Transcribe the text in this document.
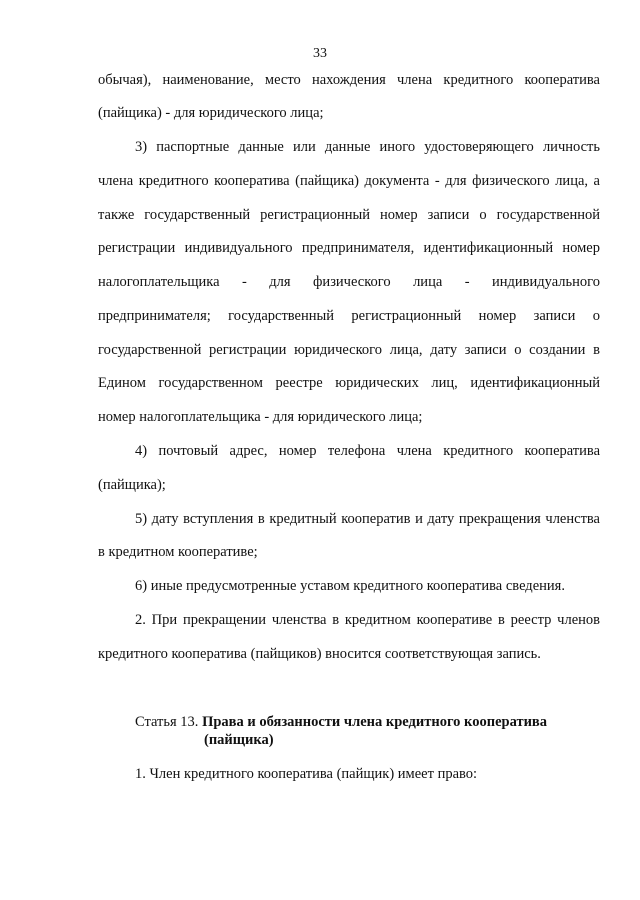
33
обычая), наименование, место нахождения члена кредитного кооператива
(пайщика) - для юридического лица;
3) паспортные данные или данные иного удостоверяющего личность
члена кредитного кооператива (пайщика) документа - для физического лица, а
также государственный регистрационный номер записи о государственной
регистрации индивидуального предпринимателя, идентификационный номер
налогоплательщика - для физического лица - индивидуального
предпринимателя; государственный регистрационный номер записи о
государственной регистрации юридического лица, дату записи о создании в
Едином государственном реестре юридических лиц, идентификационный
номер налогоплательщика - для юридического лица;
4) почтовый адрес, номер телефона члена кредитного кооператива
(пайщика);
5) дату вступления в кредитный кооператив и дату прекращения членства
в кредитном кооперативе;
6) иные предусмотренные уставом кредитного кооператива сведения.
2. При прекращении членства в кредитном кооперативе в реестр членов
кредитного кооператива (пайщиков) вносится соответствующая запись.
Статья 13. Права и обязанности члена кредитного кооператива
(пайщика)
1. Член кредитного кооператива (пайщик) имеет право:
